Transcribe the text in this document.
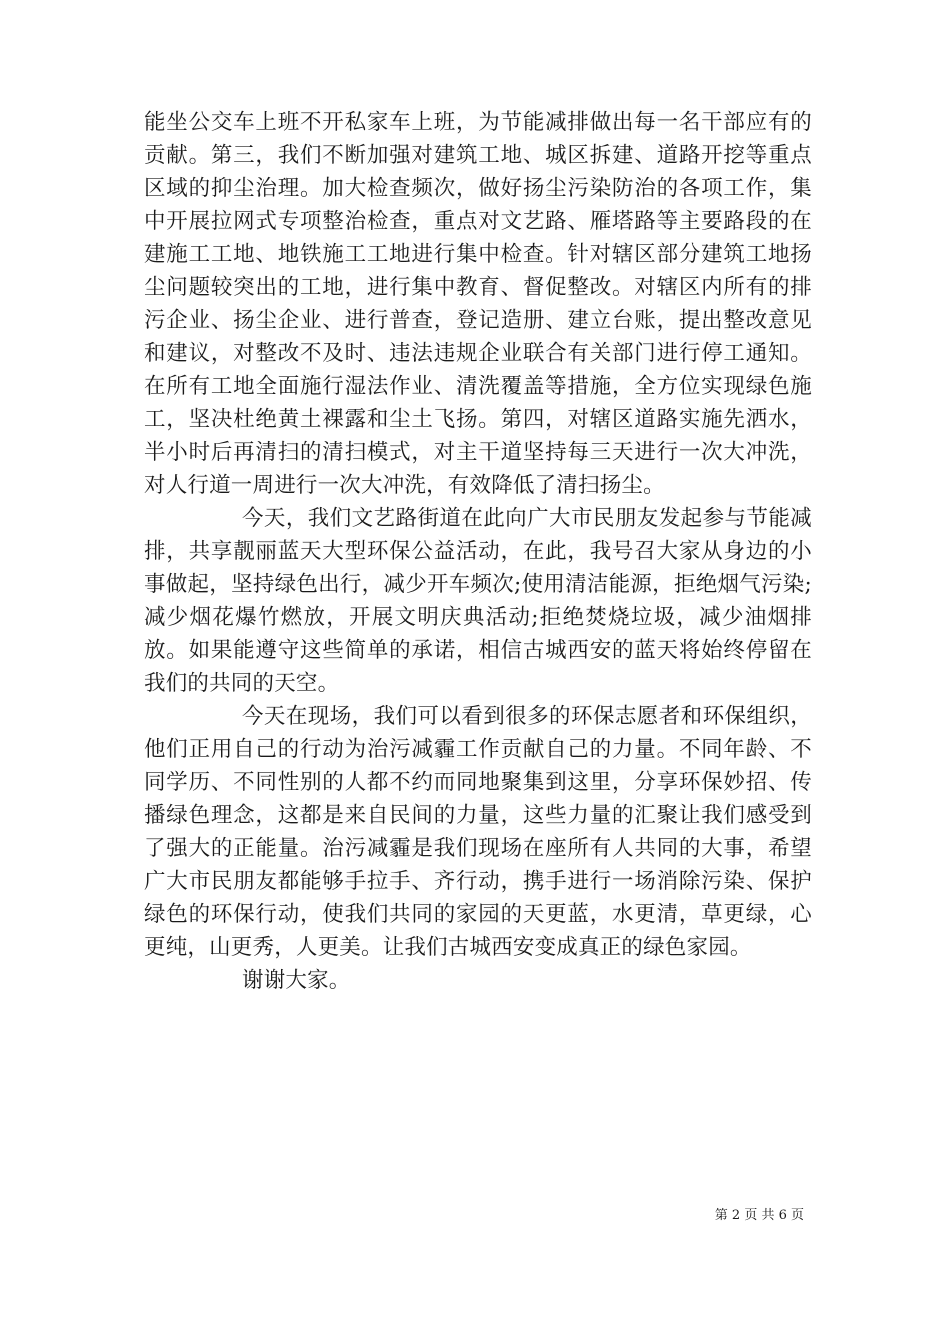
能坐公交车上班不开私家车上班，为节能减排做出每一名干部应有的贡献。第三，我们不断加强对建筑工地、城区拆建、道路开挖等重点区域的抑尘治理。加大检查频次，做好扬尘污染防治的各项工作，集中开展拉网式专项整治检查，重点对文艺路、雁塔路等主要路段的在建施工工地、地铁施工工地进行集中检查。针对辖区部分建筑工地扬尘问题较突出的工地，进行集中教育、督促整改。对辖区内所有的排污企业、扬尘企业、进行普查，登记造册、建立台账，提出整改意见和建议，对整改不及时、违法违规企业联合有关部门进行停工通知。在所有工地全面施行湿法作业、清洗覆盖等措施，全方位实现绿色施工，坚决杜绝黄土裸露和尘土飞扬。第四，对辖区道路实施先洒水，半小时后再清扫的清扫模式，对主干道坚持每三天进行一次大冲洗，对人行道一周进行一次大冲洗，有效降低了清扫扬尘。

今天，我们文艺路街道在此向广大市民朋友发起参与节能减排，共享靓丽蓝天大型环保公益活动，在此，我号召大家从身边的小事做起，坚持绿色出行，减少开车频次;使用清洁能源，拒绝烟气污染;减少烟花爆竹燃放，开展文明庆典活动;拒绝焚烧垃圾，减少油烟排放。如果能遵守这些简单的承诺，相信古城西安的蓝天将始终停留在我们的共同的天空。

今天在现场，我们可以看到很多的环保志愿者和环保组织，他们正用自己的行动为治污减霾工作贡献自己的力量。不同年龄、不同学历、不同性别的人都不约而同地聚集到这里，分享环保妙招、传播绿色理念，这都是来自民间的力量，这些力量的汇聚让我们感受到了强大的正能量。治污减霾是我们现场在座所有人共同的大事，希望广大市民朋友都能够手拉手、齐行动，携手进行一场消除污染、保护绿色的环保行动，使我们共同的家园的天更蓝，水更清，草更绿，心更纯，山更秀，人更美。让我们古城西安变成真正的绿色家园。

谢谢大家。

第 2 页 共 6 页
